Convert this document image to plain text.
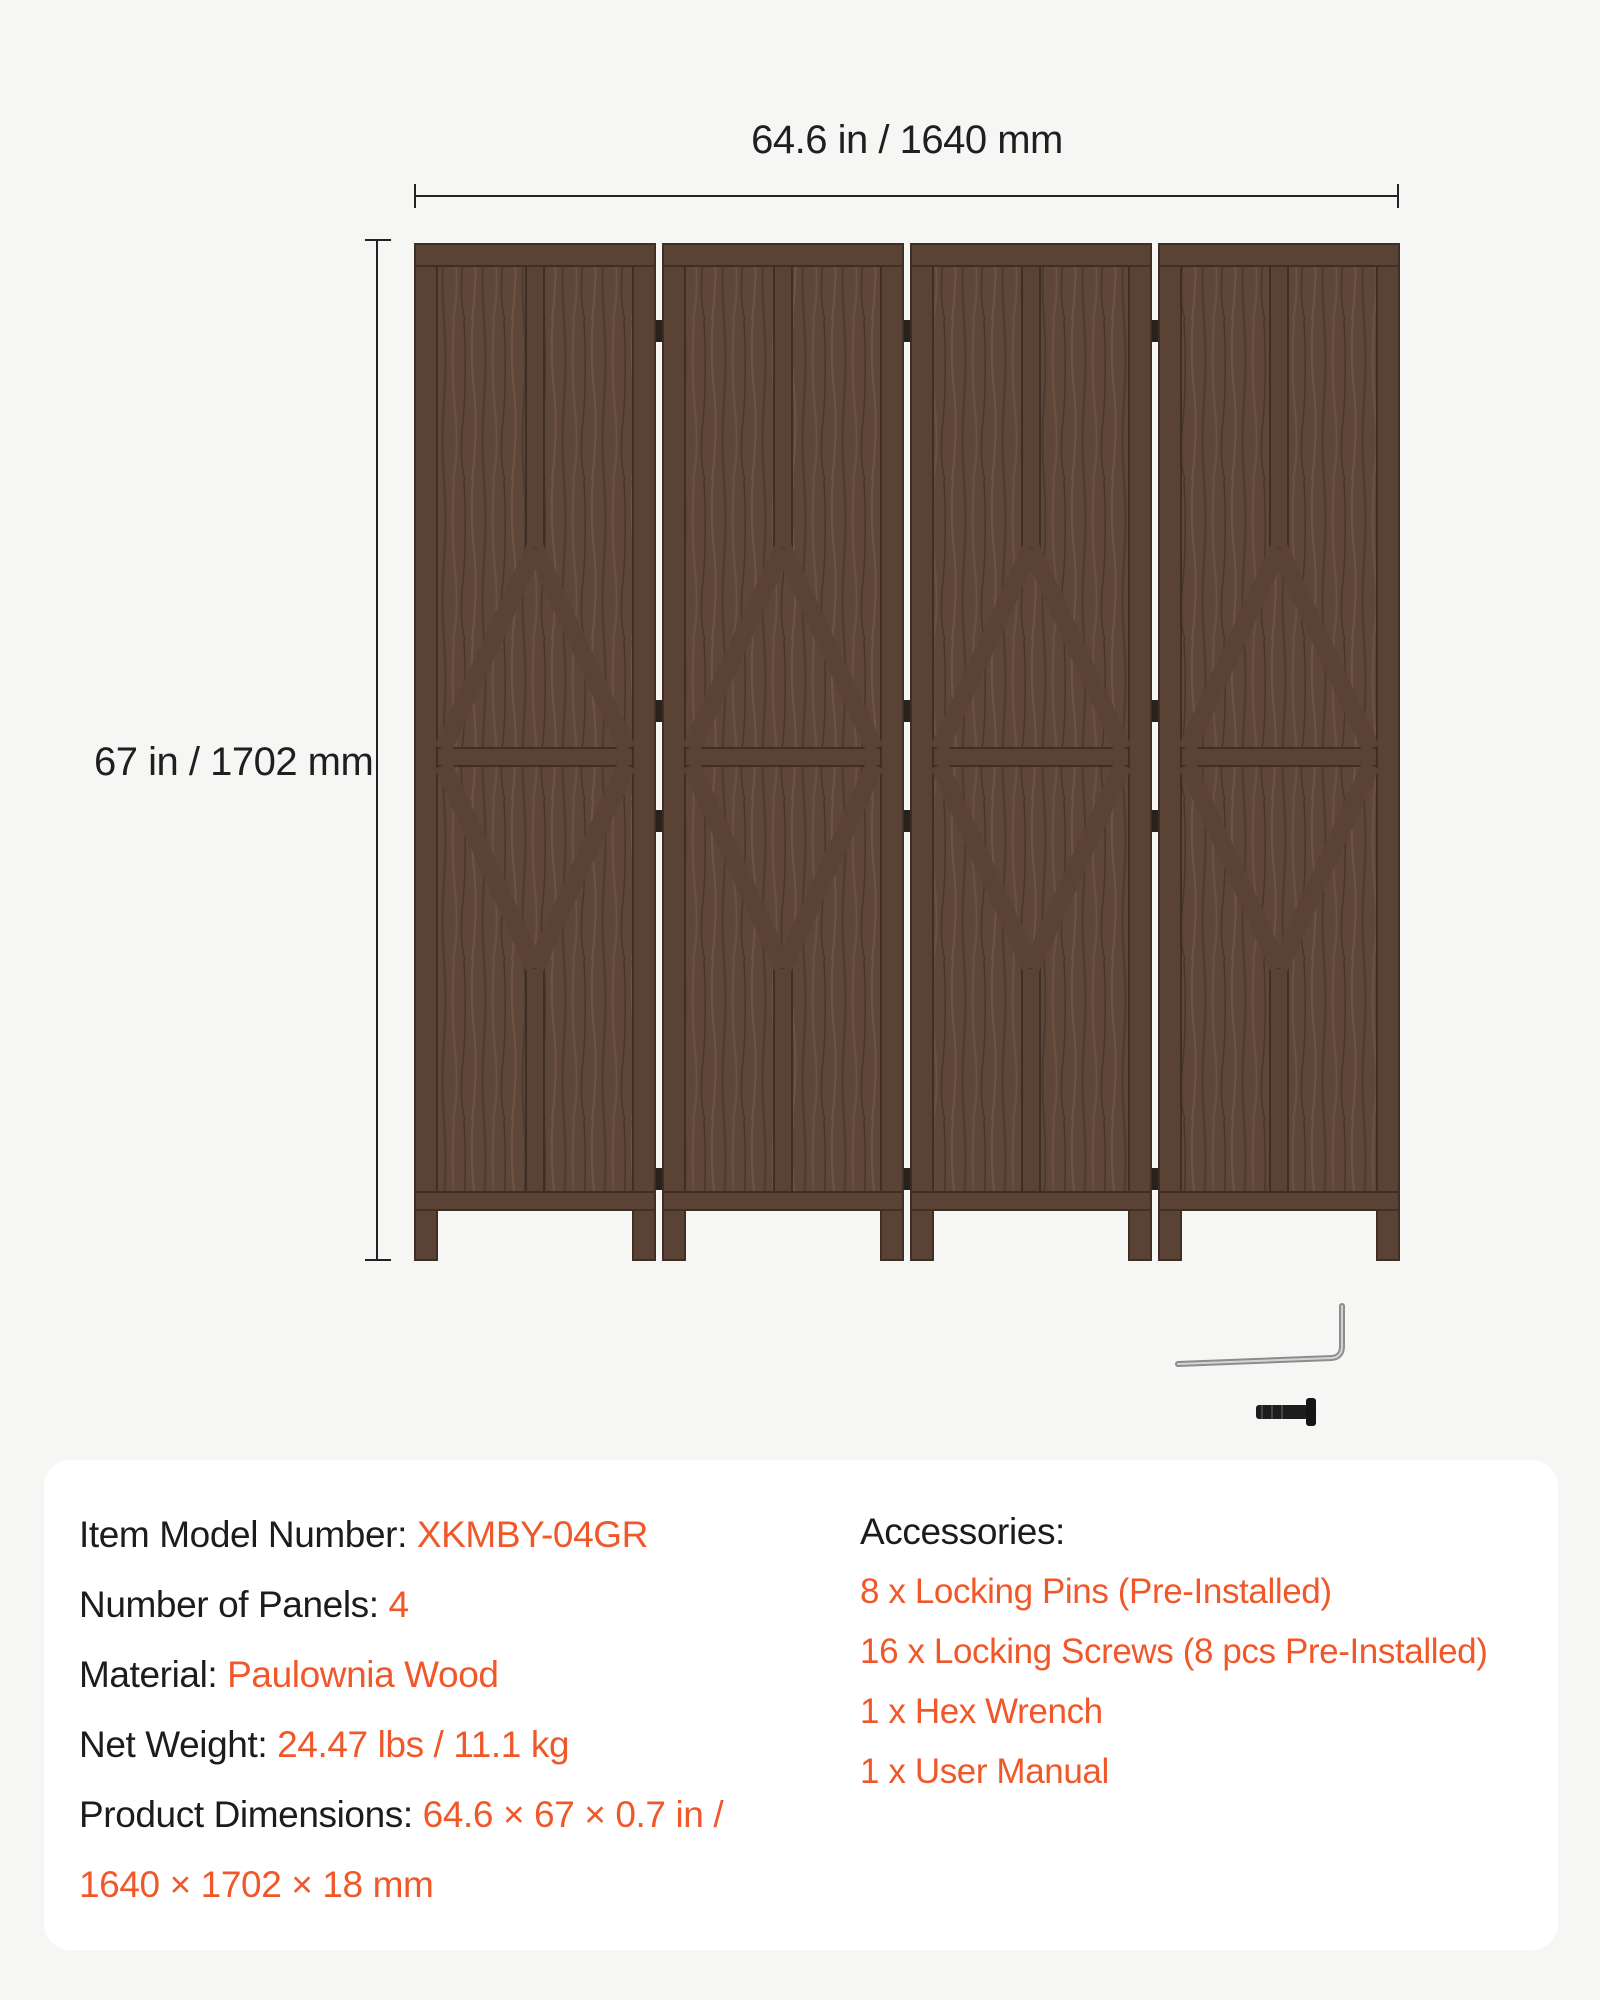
64.6 in / 1640 mm
67 in / 1702 mm
Item Model Number: XKMBY-04GR
Number of Panels: 4
Material: Paulownia Wood
Net Weight: 24.47 lbs / 11.1 kg
Product Dimensions: 64.6 × 67 × 0.7 in /
1640 × 1702 × 18 mm
Accessories:
8 x Locking Pins (Pre-Installed)
16 x Locking Screws (8 pcs Pre-Installed)
1 x Hex Wrench
1 x User Manual
